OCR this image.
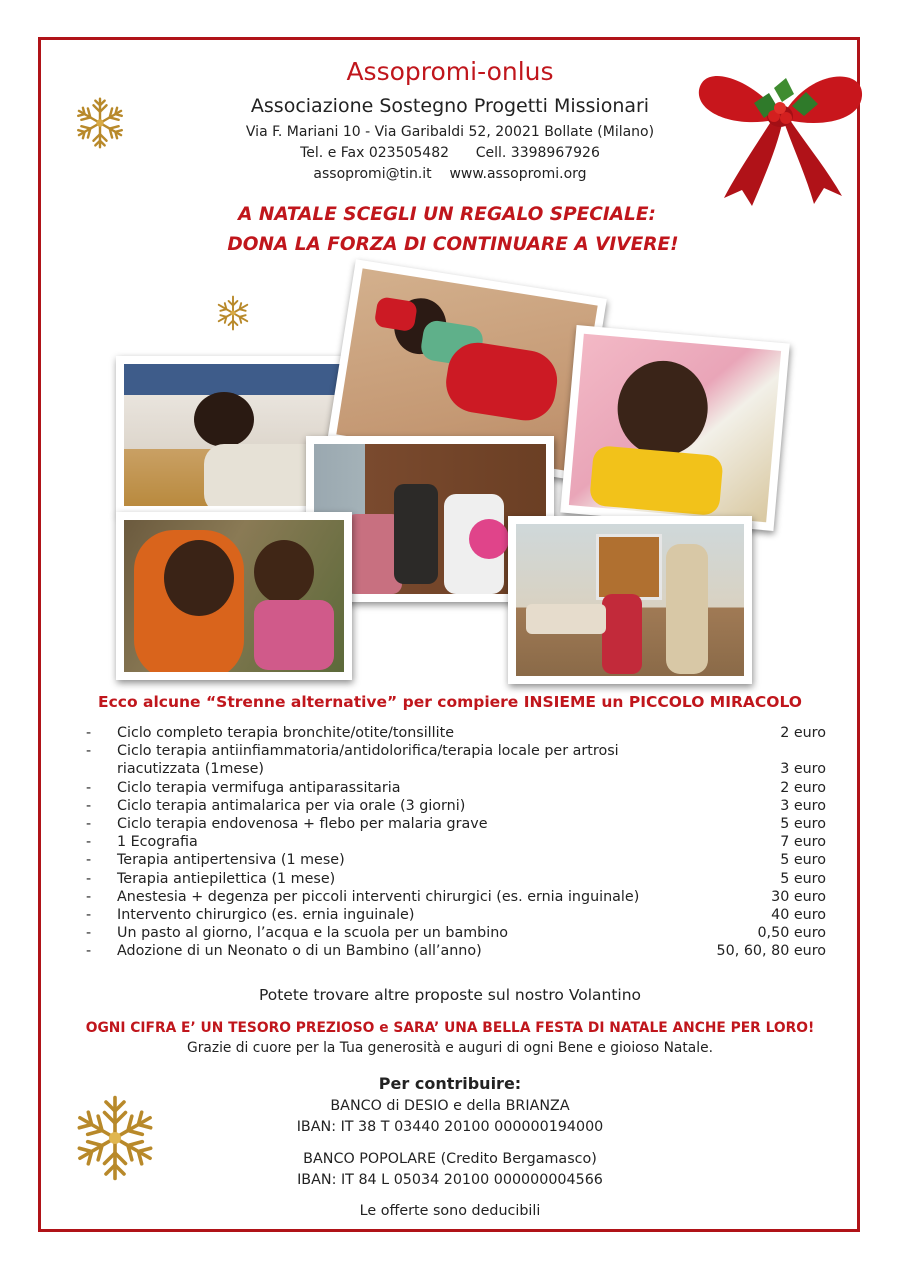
Assopromi-onlus
Associazione Sostegno Progetti Missionari
Via F. Mariani 10 - Via Garibaldi 52, 20021 Bollate (Milano)
Tel. e Fax 023505482      Cell. 3398967926
assopromi@tin.it    www.assopromi.org
A NATALE SCEGLI UN REGALO SPECIALE:
DONA LA FORZA DI CONTINUARE A VIVERE!
Ecco alcune “Strenne alternative” per compiere INSIEME un PICCOLO MIRACOLO
-	Ciclo completo terapia bronchite/otite/tonsillite	2 euro
-	Ciclo terapia antiinfiammatoria/antidolorifica/terapia locale per artrosi
riacutizzata (1mese)	3 euro
-	Ciclo terapia vermifuga antiparassitaria	2 euro
-	Ciclo terapia antimalarica per via orale (3 giorni)	3 euro
-	Ciclo terapia endovenosa + flebo per malaria grave	5 euro
-	1 Ecografia	7 euro
-	Terapia antipertensiva (1 mese)	5 euro
-	Terapia antiepilettica (1 mese)	5 euro
-	Anestesia + degenza per piccoli interventi chirurgici (es. ernia inguinale)	30 euro
-	Intervento chirurgico (es. ernia inguinale)	40 euro
-	Un pasto al giorno, l’acqua e la scuola per un bambino	0,50 euro
-	Adozione di un Neonato o di un Bambino (all’anno)	50, 60, 80 euro
Potete trovare altre proposte sul nostro Volantino
OGNI CIFRA E’ UN TESORO PREZIOSO e SARA’ UNA BELLA FESTA DI NATALE ANCHE PER LORO!
Grazie di cuore per la Tua generosità e auguri di ogni Bene e gioioso Natale.
Per contribuire:
BANCO di DESIO e della BRIANZA
IBAN: IT 38 T 03440 20100 000000194000
BANCO POPOLARE (Credito Bergamasco)
IBAN: IT 84 L 05034 20100 000000004566
Le offerte sono deducibili
